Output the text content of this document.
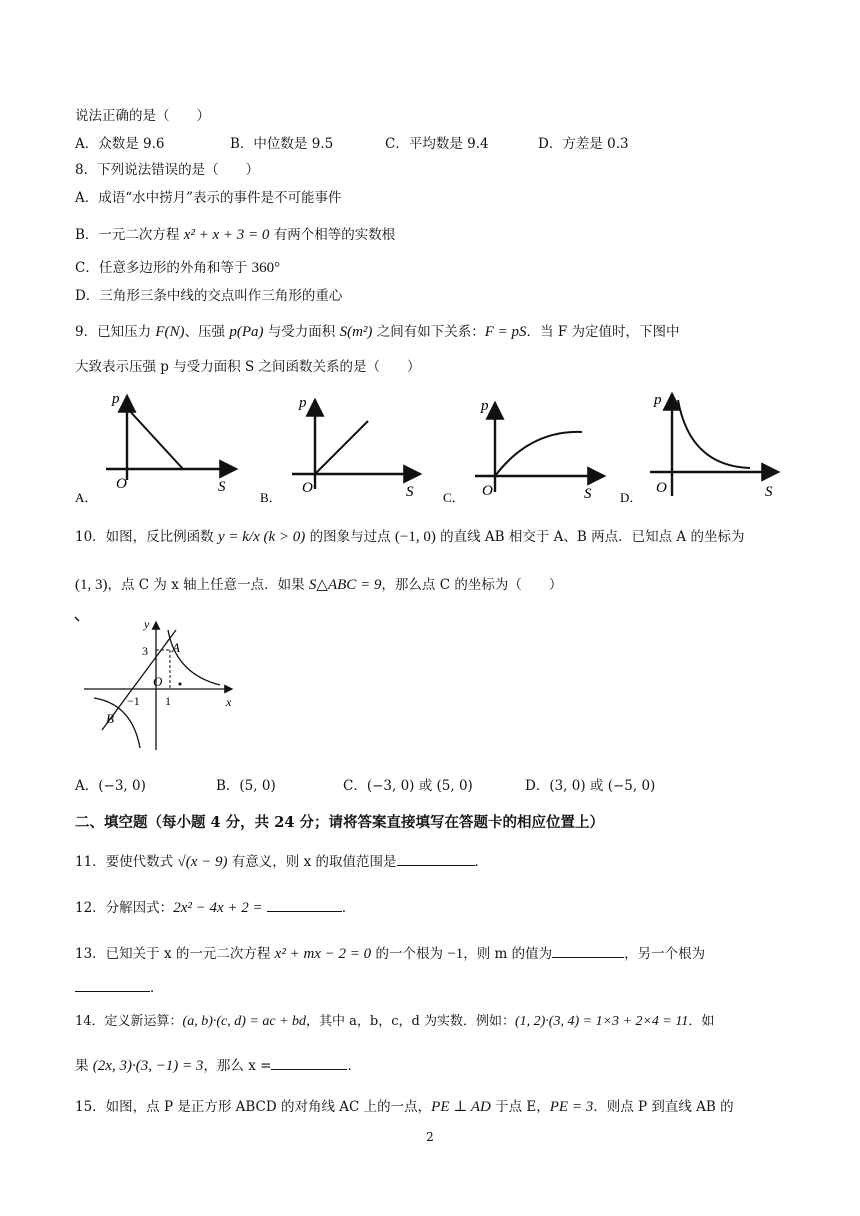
说法正确的是（　　）
A．众数是 9.6	B．中位数是 9.5	C．平均数是 9.4	D．方差是 0.3
8．下列说法错误的是（　　）
A．成语“水中捞月”表示的事件是不可能事件
B．一元二次方程 x² + x + 3 = 0 有两个相等的实数根
C．任意多边形的外角和等于 360°
D．三角形三条中线的交点叫作三角形的重心
9．已知压力 F(N)、压强 p(Pa) 与受力面积 S(m²) 之间有如下关系：F = pS．当 F 为定值时，下图中
大致表示压强 p 与受力面积 S 之间函数关系的是（　　）
p
O	S
A．
p
O	S
B．
p
O	S
C．
p
O	S
D．
10．如图，反比例函数 y = k/x (k > 0) 的图象与过点 (−1, 0) 的直线 AB 相交于 A、B 两点．已知点 A 的坐标为
(1, 3)，点 C 为 x 轴上任意一点．如果 S△ABC = 9，那么点 C 的坐标为（　　）
y
x
A
B
O
3
−1 1
A．(−3, 0)	B．(5, 0)	C．(−3, 0) 或 (5, 0)	D．(3, 0) 或 (−5, 0)
二、填空题（每小题 4 分，共 24 分；请将答案直接填写在答题卡的相应位置上）
11．要使代数式 √(x − 9) 有意义，则 x 的取值范围是	．
12．分解因式：2x² − 4x + 2 =	．
13．已知关于 x 的一元二次方程 x² + mx − 2 = 0 的一个根为 −1，则 m 的值为	，另一个根为
．
14．定义新运算：(a, b)·(c, d) = ac + bd，其中 a，b，c，d 为实数．例如：(1, 2)·(3, 4) = 1×3 + 2×4 = 11．如
果 (2x, 3)·(3, −1) = 3，那么 x =	．
15．如图，点 P 是正方形 ABCD 的对角线 AC 上的一点，PE ⊥ AD 于点 E，PE = 3．则点 P 到直线 AB 的
2
